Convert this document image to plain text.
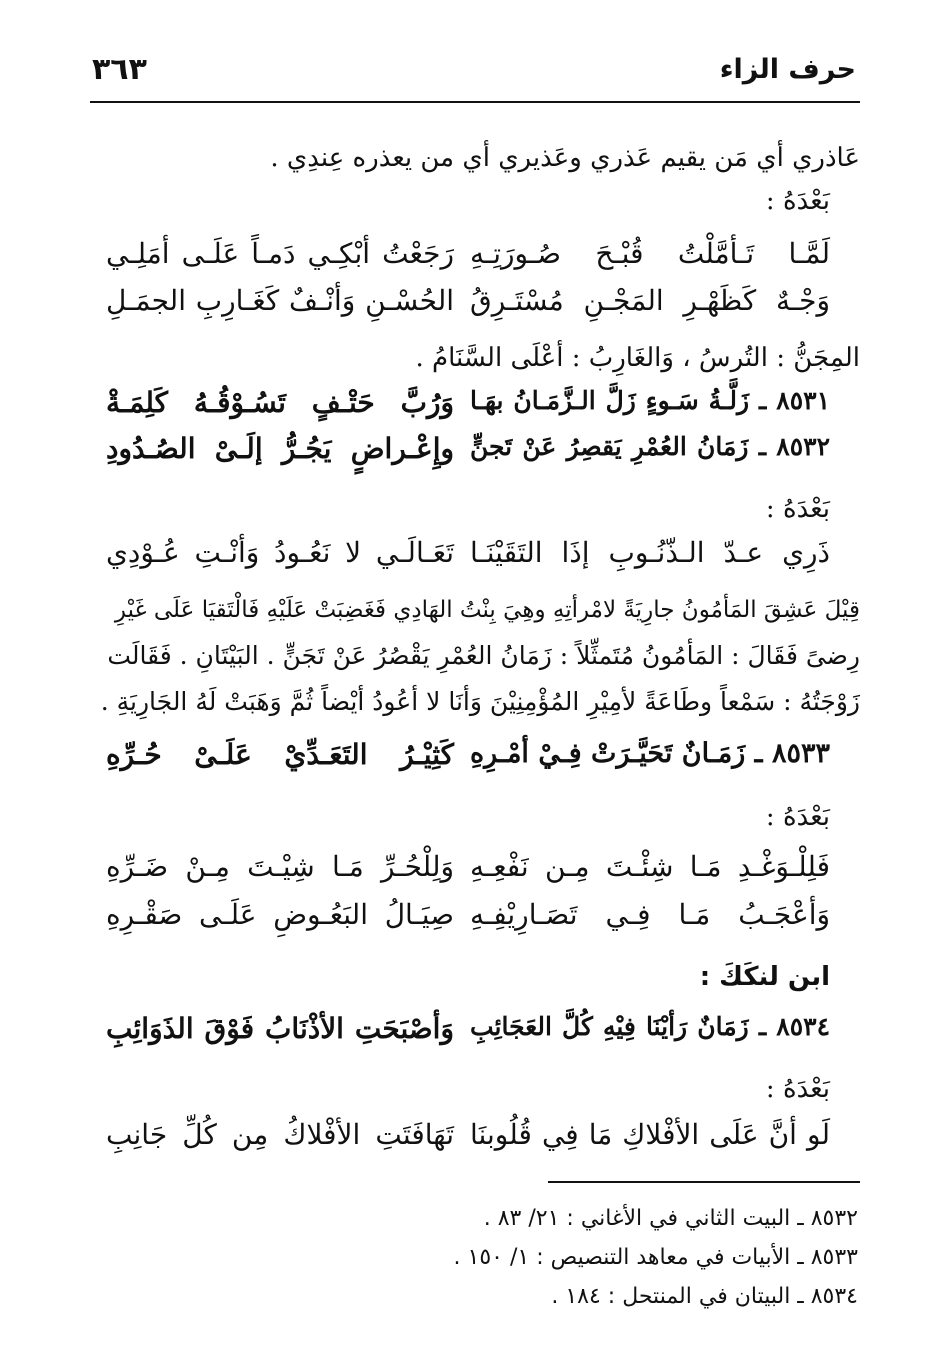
حرف الزاء
٣٦٣
عَاذري أي مَن يقيم عَذري وعَذيري أي من يعذره عِندِي .
بَعْدَهُ :
لَمَّـا تَـأمَّلْتُ قُبْـحَ صُـورَتِـهِ
رَجَعْتُ أبْكِـي دَمـاً عَلَـى أمَلِـي
وَجْـهٌ كَظَهْـرِ المَجْـنِ مُسْتَـرِقُ
الحُسْـنِ وَأنْـفٌ كَغَـارِبِ الجمَـلِ
المِجَنُّ : التُرسُ ، وَالغَارِبُ : أعْلَى السَّنَامُ .
٨٥٣١ ـ زَلَّـةُ سَـوءٍ زَلَّ الـزَّمَـانُ بهَـا
وَرُبَّ حَتْـفٍ تَسُـوْقُـهُ كَلِمَـةْ
٨٥٣٢ ـ زَمَانُ العُمْرِ يَقصِرُ عَنْ تَجنٍّ
وإِعْـراضٍ يَجُـرُّ إلَـىْ الصُـدُودِ
بَعْدَهُ :
ذَرِي عـدّ الـذّنُـوبِ إذَا التَقَيْنَـا
تَعَـالَـي لا نَعُـودُ وَأنْـتِ عُـوْدِي
قِيْلَ عَشِقَ المَأمُونُ جارِيَةً لامْرأتِهِ وهِيَ بِنْتُ الهَادِي فَغَضِبَتْ عَلَيْهِ فَالْتَقيَا عَلَى غَيْرِ
رِضىً فَقَالَ : المَأمُونُ مُتَمثِّلاً : زَمَانُ العُمْرِ يَقْصُرُ عَنْ تَجَنٍّ . البَيْتَانِ . فَقَالَت
زَوْجَتُهُ : سَمْعاً وطَاعَةً لأمِيْرِ المُؤْمِنِيْنَ وَأنَا لا أعُودُ أيْضاً ثُمَّ وَهَبَتْ لَهُ الجَارِيَةِ .
٨٥٣٣ ـ زَمَـانٌ تَحَيَّـرَتْ فِـيْ أمْـرِهِ
كَثِيْـرُ التَعَـدِّيْ عَلَـىْ حُـرِّهِ
بَعْدَهُ :
فَلِلْـوَغْـدِ مَـا شِئْـتَ مِـن نَفْعِـهِ
وَلِلْحُـرِّ مَـا شِيْـتَ مِـنْ ضَـرِّهِ
وَأعْجَـبُ مَـا فِـي تَصَـارِيْفِـهِ
صِيَـالُ البَعُـوضِ عَلَـى صَقْـرِهِ
ابن لنكَكَ :
٨٥٣٤ ـ زَمَانٌ رَأيْنَا فِيْهِ كُلَّ العَجَائِبِ
وَأصْبَحَتِ الأذْنَابُ فَوْقَ الذَوَائِبِ
بَعْدَهُ :
لَو أنَّ عَلَى الأفْلاكِ مَا فِي قُلُوبنَا
تَهَافَتَتِ الأفْلاكُ مِن كُلِّ جَانِبِ
٨٥٣٢ ـ البيت الثاني في الأغاني : ٢١/ ٨٣ .
٨٥٣٣ ـ الأبيات في معاهد التنصيص : ١/ ١٥٠ .
٨٥٣٤ ـ البيتان في المنتحل : ١٨٤ .
